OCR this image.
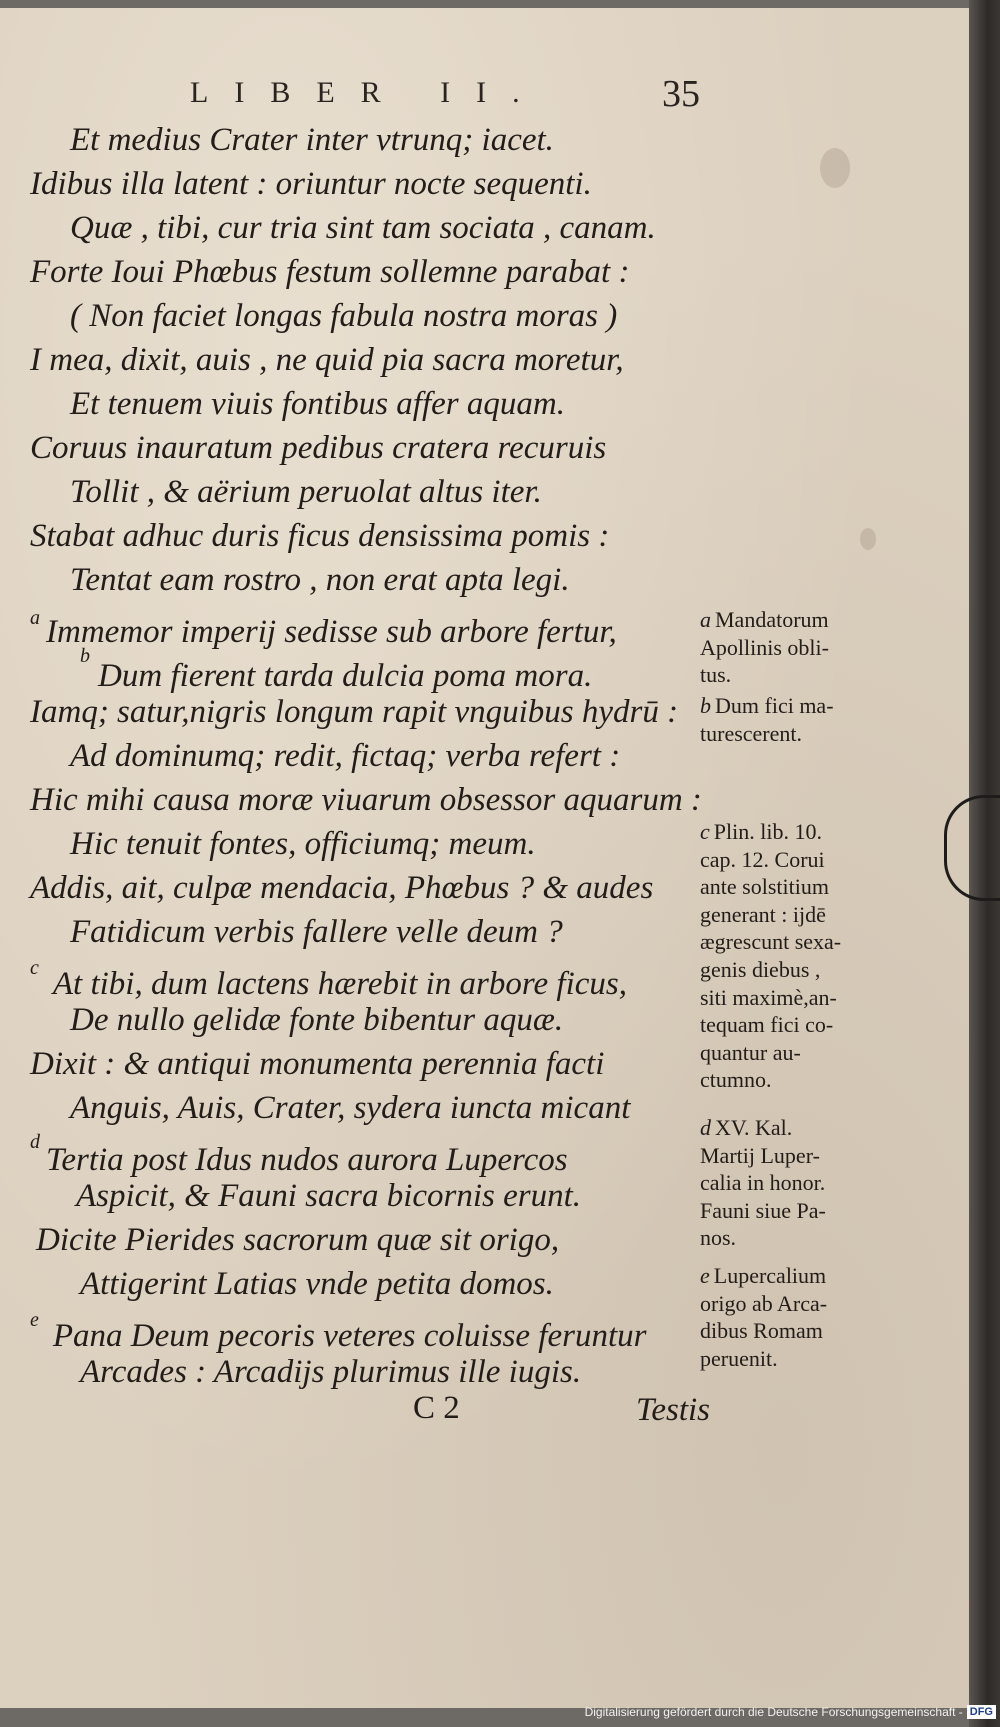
LIBER II.	35
Et medius Crater inter vtrunq; iacet.
Idibus illa latent : oriuntur nocte sequenti.
Quæ , tibi, cur tria sint tam sociata , canam.
Forte Ioui Phœbus festum sollemne parabat :
( Non faciet longas fabula nostra moras )
I mea, dixit, auis , ne quid pia sacra moretur,
Et tenuem viuis fontibus affer aquam.
Coruus inauratum pedibus cratera recuruis
Tollit , & aërium peruolat altus iter.
Stabat adhuc duris ficus densissima pomis :
Tentat eam rostro , non erat apta legi.
$^a$ Immemor imperij sedisse sub arbore fertur,
$^b$Dum fierent tarda dulcia poma mora.
Iamq; satur,nigris longum rapit vnguibus hydrū :
Ad dominumq; redit, fictaq; verba refert :
Hic mihi causa moræ viuarum obsessor aquarum :
Hic tenuit fontes, officiumq; meum.
Addis, ait, culpæ mendacia, Phœbus ? & audes
Fatidicum verbis fallere velle deum ?
$^c$ At tibi, dum lactens hærebit in arbore ficus,
De nullo gelidæ fonte bibentur aquæ.
Dixit : & antiqui monumenta perennia facti
Anguis, Auis, Crater, sydera iuncta micant
$^d$ Tertia post Idus nudos aurora Lupercos
Aspicit, & Fauni sacra bicornis erunt.
Dicite Pierides sacrorum quæ sit origo,
Attigerint Latias vnde petita domos.
$^e$ Pana Deum pecoris veteres coluisse feruntur
Arcades : Arcadijs plurimus ille iugis.
a Mandatorum
Apollinis obli-
tus.
b Dum fici ma-
turescerent.
c Plin. lib. 10.
cap. 12. Corui
ante solstitium
generant : ijdē
ægrescunt sexa-
genis diebus ,
siti maximè,an-
tequam fici co-
quantur au-
ctumno.
d XV. Kal.
Martij Luper-
calia in honor.
Fauni siue Pa-
nos.
e Lupercalium
origo ab Arca-
dibus Romam
peruenit.
C 2	Testis
Digitalisierung gefördert durch die Deutsche Forschungsgemeinschaft - DFG
